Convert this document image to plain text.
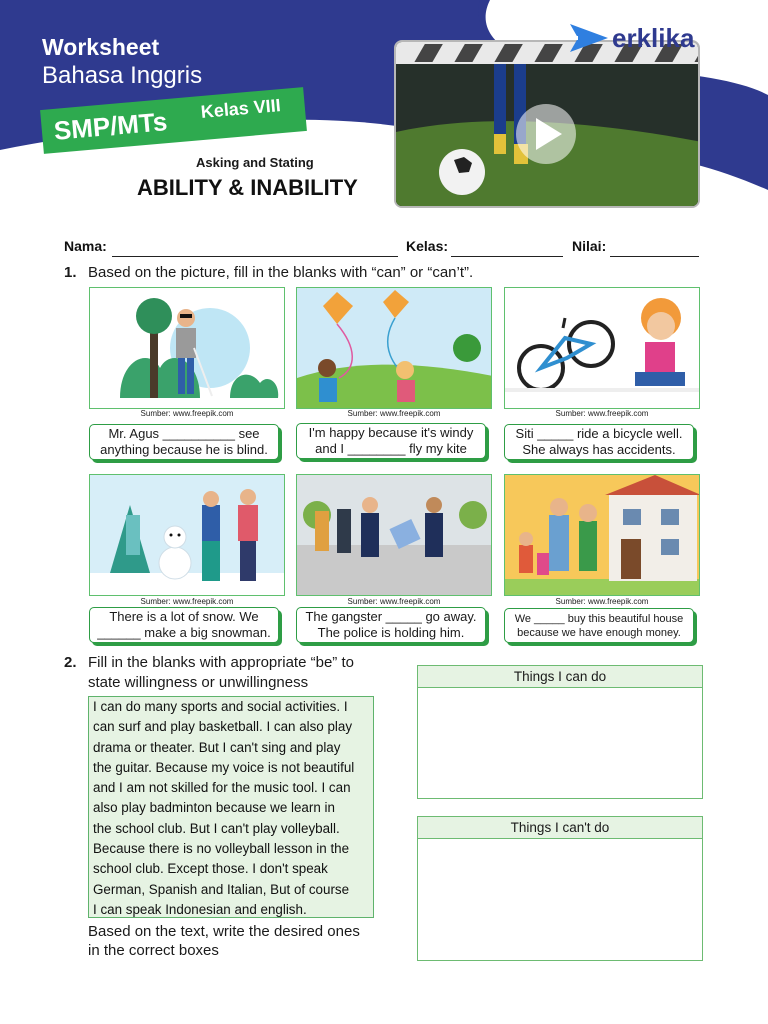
Worksheet
Bahasa Inggris
SMP/MTs Kelas VIII
Asking and Stating
ABILITY & INABILITY
erklika
Nama:	Kelas:	Nilai:
1. Based on the picture, fill in the blanks with “can” or “can’t”.
Sumber: www.freepik.com	Sumber: www.freepik.com	Sumber: www.freepik.com
Mr. Agus __________ see anything because he is blind.
I'm happy because it's windy and I ________ fly my kite
Siti _____ ride a bicycle well. She always has accidents.
Sumber: www.freepik.com	Sumber: www.freepik.com	Sumber: www.freepik.com
There is a lot of snow. We ______ make a big snowman.
The gangster _____ go away. The police is holding him.
We _____ buy this beautiful house because we have enough money.
2. Fill in the blanks with appropriate “be” to
state willingness or unwillingness
I can do many sports and social activities. I
can surf and play basketball. I can also play
drama or theater. But I can't sing and play
the guitar. Because my voice is not beautiful
and I am not skilled for the music tool. I can
also play badminton because we learn in
the school club. But I can't play volleyball.
Because there is no volleyball lesson in the
school club. Except those. I don't speak
German, Spanish and Italian, But of course
I can speak Indonesian and english.
Based on the text, write the desired ones
in the correct boxes
Things I can do
Things I can't do
